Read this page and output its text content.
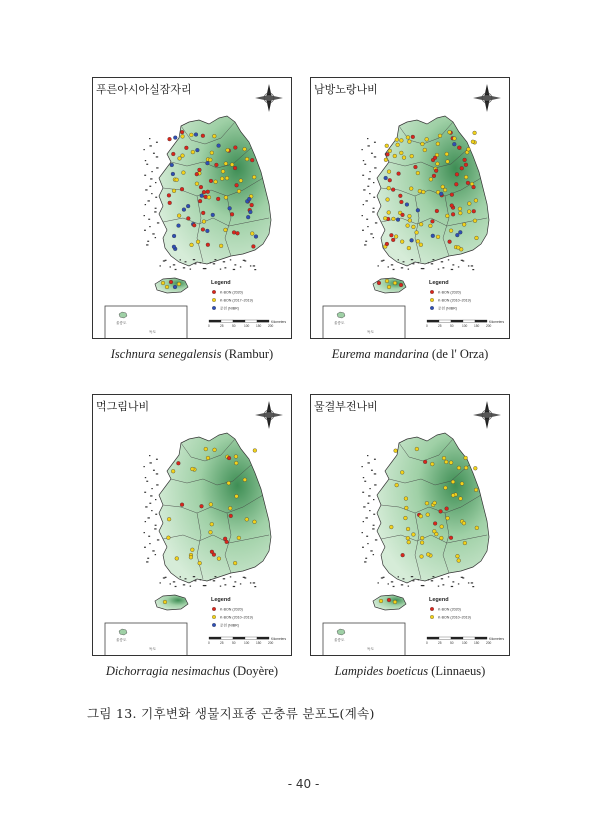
Legend
K-BON (2020)
K-BON (2017~2019)
문헌 (NIBR)
울릉도
독도
0	25	50	100 150 200
Kilometers
푸른아시아실잠자리
Ischnura senegalensis (Rambur)
Legend
K-BON (2020)
K-BON (2010~2019)
문헌 (NIBR)
울릉도
독도
0	25	50	100 150 200
Kilometers
남방노랑나비
Eurema mandarina (de l' Orza)
Legend
K-BON (2020)
K-BON (2010~2019)
문헌 (NIBR)
울릉도
독도
0	25	50	100 150 200
Kilometers
먹그림나비
Dichorragia nesimachus (Doyère)
Legend
K-BON (2020)
K-BON (2010~2019)
울릉도
독도
0	25	50	100 150 200
Kilometers
물결부전나비
Lampides boeticus (Linnaeus)
그림 13. 기후변화 생물지표종 곤충류 분포도(계속)
- 40 -
